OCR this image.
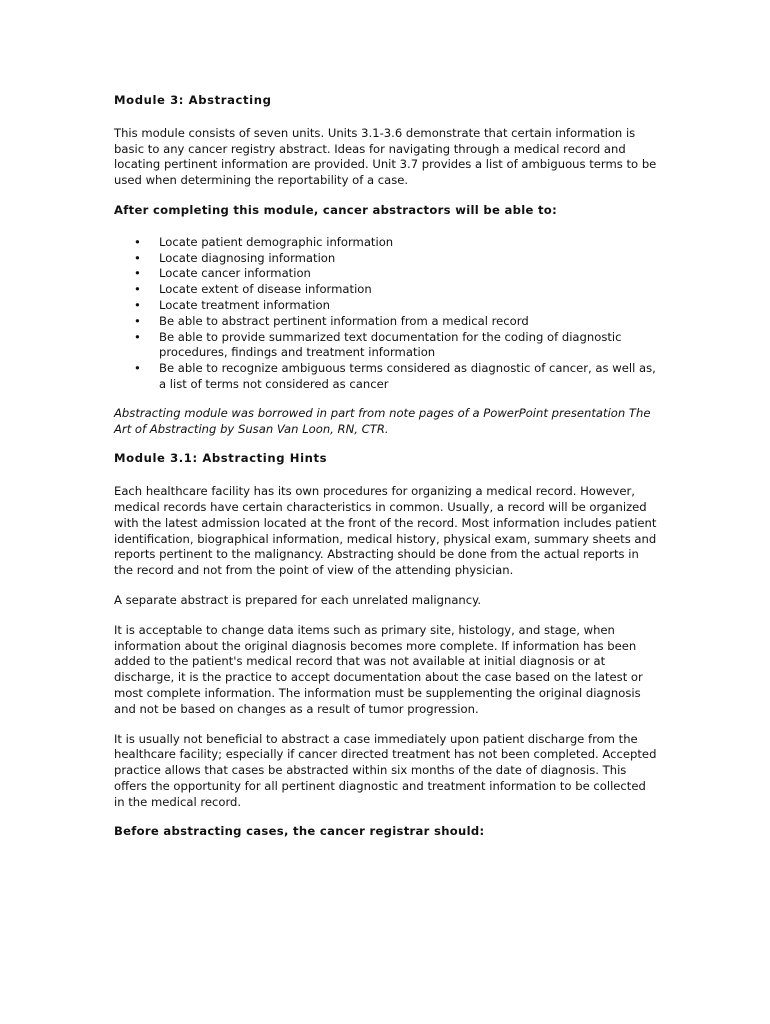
Module 3: Abstracting
This module consists of seven units. Units 3.1-3.6 demonstrate that certain information is basic to any cancer registry abstract. Ideas for navigating through a medical record and locating pertinent information are provided. Unit 3.7 provides a list of ambiguous terms to be used when determining the reportability of a case.
After completing this module, cancer abstractors will be able to:
• Locate patient demographic information
• Locate diagnosing information
• Locate cancer information
• Locate extent of disease information
• Locate treatment information
• Be able to abstract pertinent information from a medical record
• Be able to provide summarized text documentation for the coding of diagnostic procedures, findings and treatment information
• Be able to recognize ambiguous terms considered as diagnostic of cancer, as well as, a list of terms not considered as cancer
Abstracting module was borrowed in part from note pages of a PowerPoint presentation The Art of Abstracting by Susan Van Loon, RN, CTR.
Module 3.1: Abstracting Hints
Each healthcare facility has its own procedures for organizing a medical record. However, medical records have certain characteristics in common. Usually, a record will be organized with the latest admission located at the front of the record. Most information includes patient identification, biographical information, medical history, physical exam, summary sheets and reports pertinent to the malignancy. Abstracting should be done from the actual reports in the record and not from the point of view of the attending physician.
A separate abstract is prepared for each unrelated malignancy.
It is acceptable to change data items such as primary site, histology, and stage, when information about the original diagnosis becomes more complete. If information has been added to the patient's medical record that was not available at initial diagnosis or at discharge, it is the practice to accept documentation about the case based on the latest or most complete information. The information must be supplementing the original diagnosis and not be based on changes as a result of tumor progression.
It is usually not beneficial to abstract a case immediately upon patient discharge from the healthcare facility; especially if cancer directed treatment has not been completed. Accepted practice allows that cases be abstracted within six months of the date of diagnosis. This offers the opportunity for all pertinent diagnostic and treatment information to be collected in the medical record.
Before abstracting cases, the cancer registrar should:
